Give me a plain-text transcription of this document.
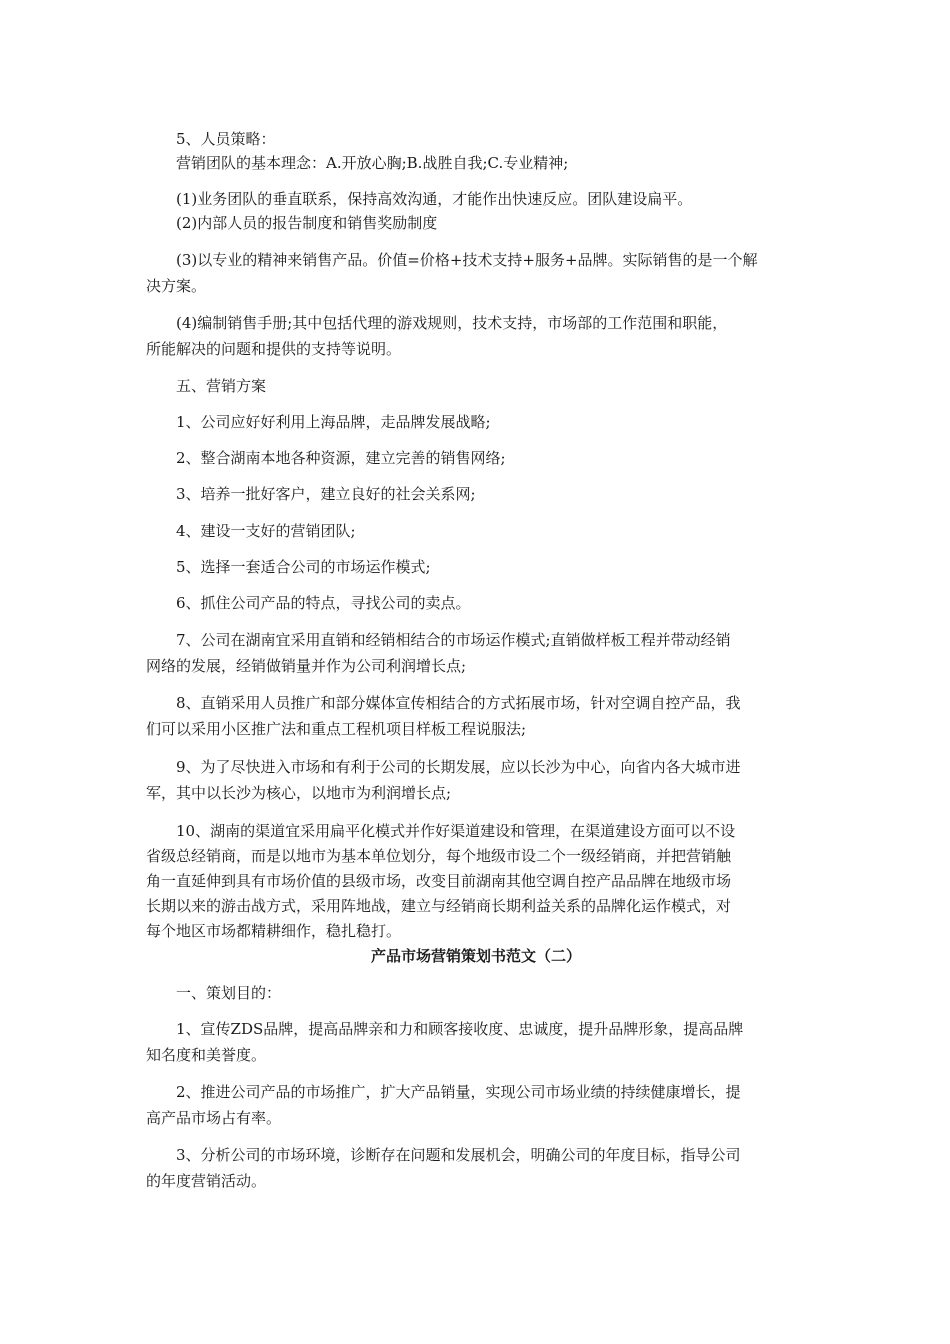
5、人员策略：
营销团队的基本理念：A.开放心胸;B.战胜自我;C.专业精神;
(1)业务团队的垂直联系，保持高效沟通，才能作出快速反应。团队建设扁平。
(2)内部人员的报告制度和销售奖励制度
(3)以专业的精神来销售产品。价值=价格+技术支持+服务+品牌。实际销售的是一个解
决方案。
(4)编制销售手册;其中包括代理的游戏规则，技术支持，市场部的工作范围和职能，
所能解决的问题和提供的支持等说明。
五、营销方案
1、公司应好好利用上海品牌，走品牌发展战略;
2、整合湖南本地各种资源，建立完善的销售网络;
3、培养一批好客户，建立良好的社会关系网;
4、建设一支好的营销团队;
5、选择一套适合公司的市场运作模式;
6、抓住公司产品的特点，寻找公司的卖点。
7、公司在湖南宜采用直销和经销相结合的市场运作模式;直销做样板工程并带动经销
网络的发展，经销做销量并作为公司利润增长点;
8、直销采用人员推广和部分媒体宣传相结合的方式拓展市场，针对空调自控产品，我
们可以采用小区推广法和重点工程机项目样板工程说服法;
9、为了尽快进入市场和有利于公司的长期发展，应以长沙为中心，向省内各大城市进
军，其中以长沙为核心，以地市为利润增长点;
10、湖南的渠道宜采用扁平化模式并作好渠道建设和管理，在渠道建设方面可以不设
省级总经销商，而是以地市为基本单位划分，每个地级市设二个一级经销商，并把营销触
角一直延伸到具有市场价值的县级市场，改变目前湖南其他空调自控产品品牌在地级市场
长期以来的游击战方式，采用阵地战，建立与经销商长期利益关系的品牌化运作模式，对
每个地区市场都精耕细作，稳扎稳打。
产品市场营销策划书范文（二）
一、策划目的：
1、宣传ZDS品牌，提高品牌亲和力和顾客接收度、忠诚度，提升品牌形象，提高品牌
知名度和美誉度。
2、推进公司产品的市场推广，扩大产品销量，实现公司市场业绩的持续健康增长，提
高产品市场占有率。
3、分析公司的市场环境，诊断存在问题和发展机会，明确公司的年度目标，指导公司
的年度营销活动。
